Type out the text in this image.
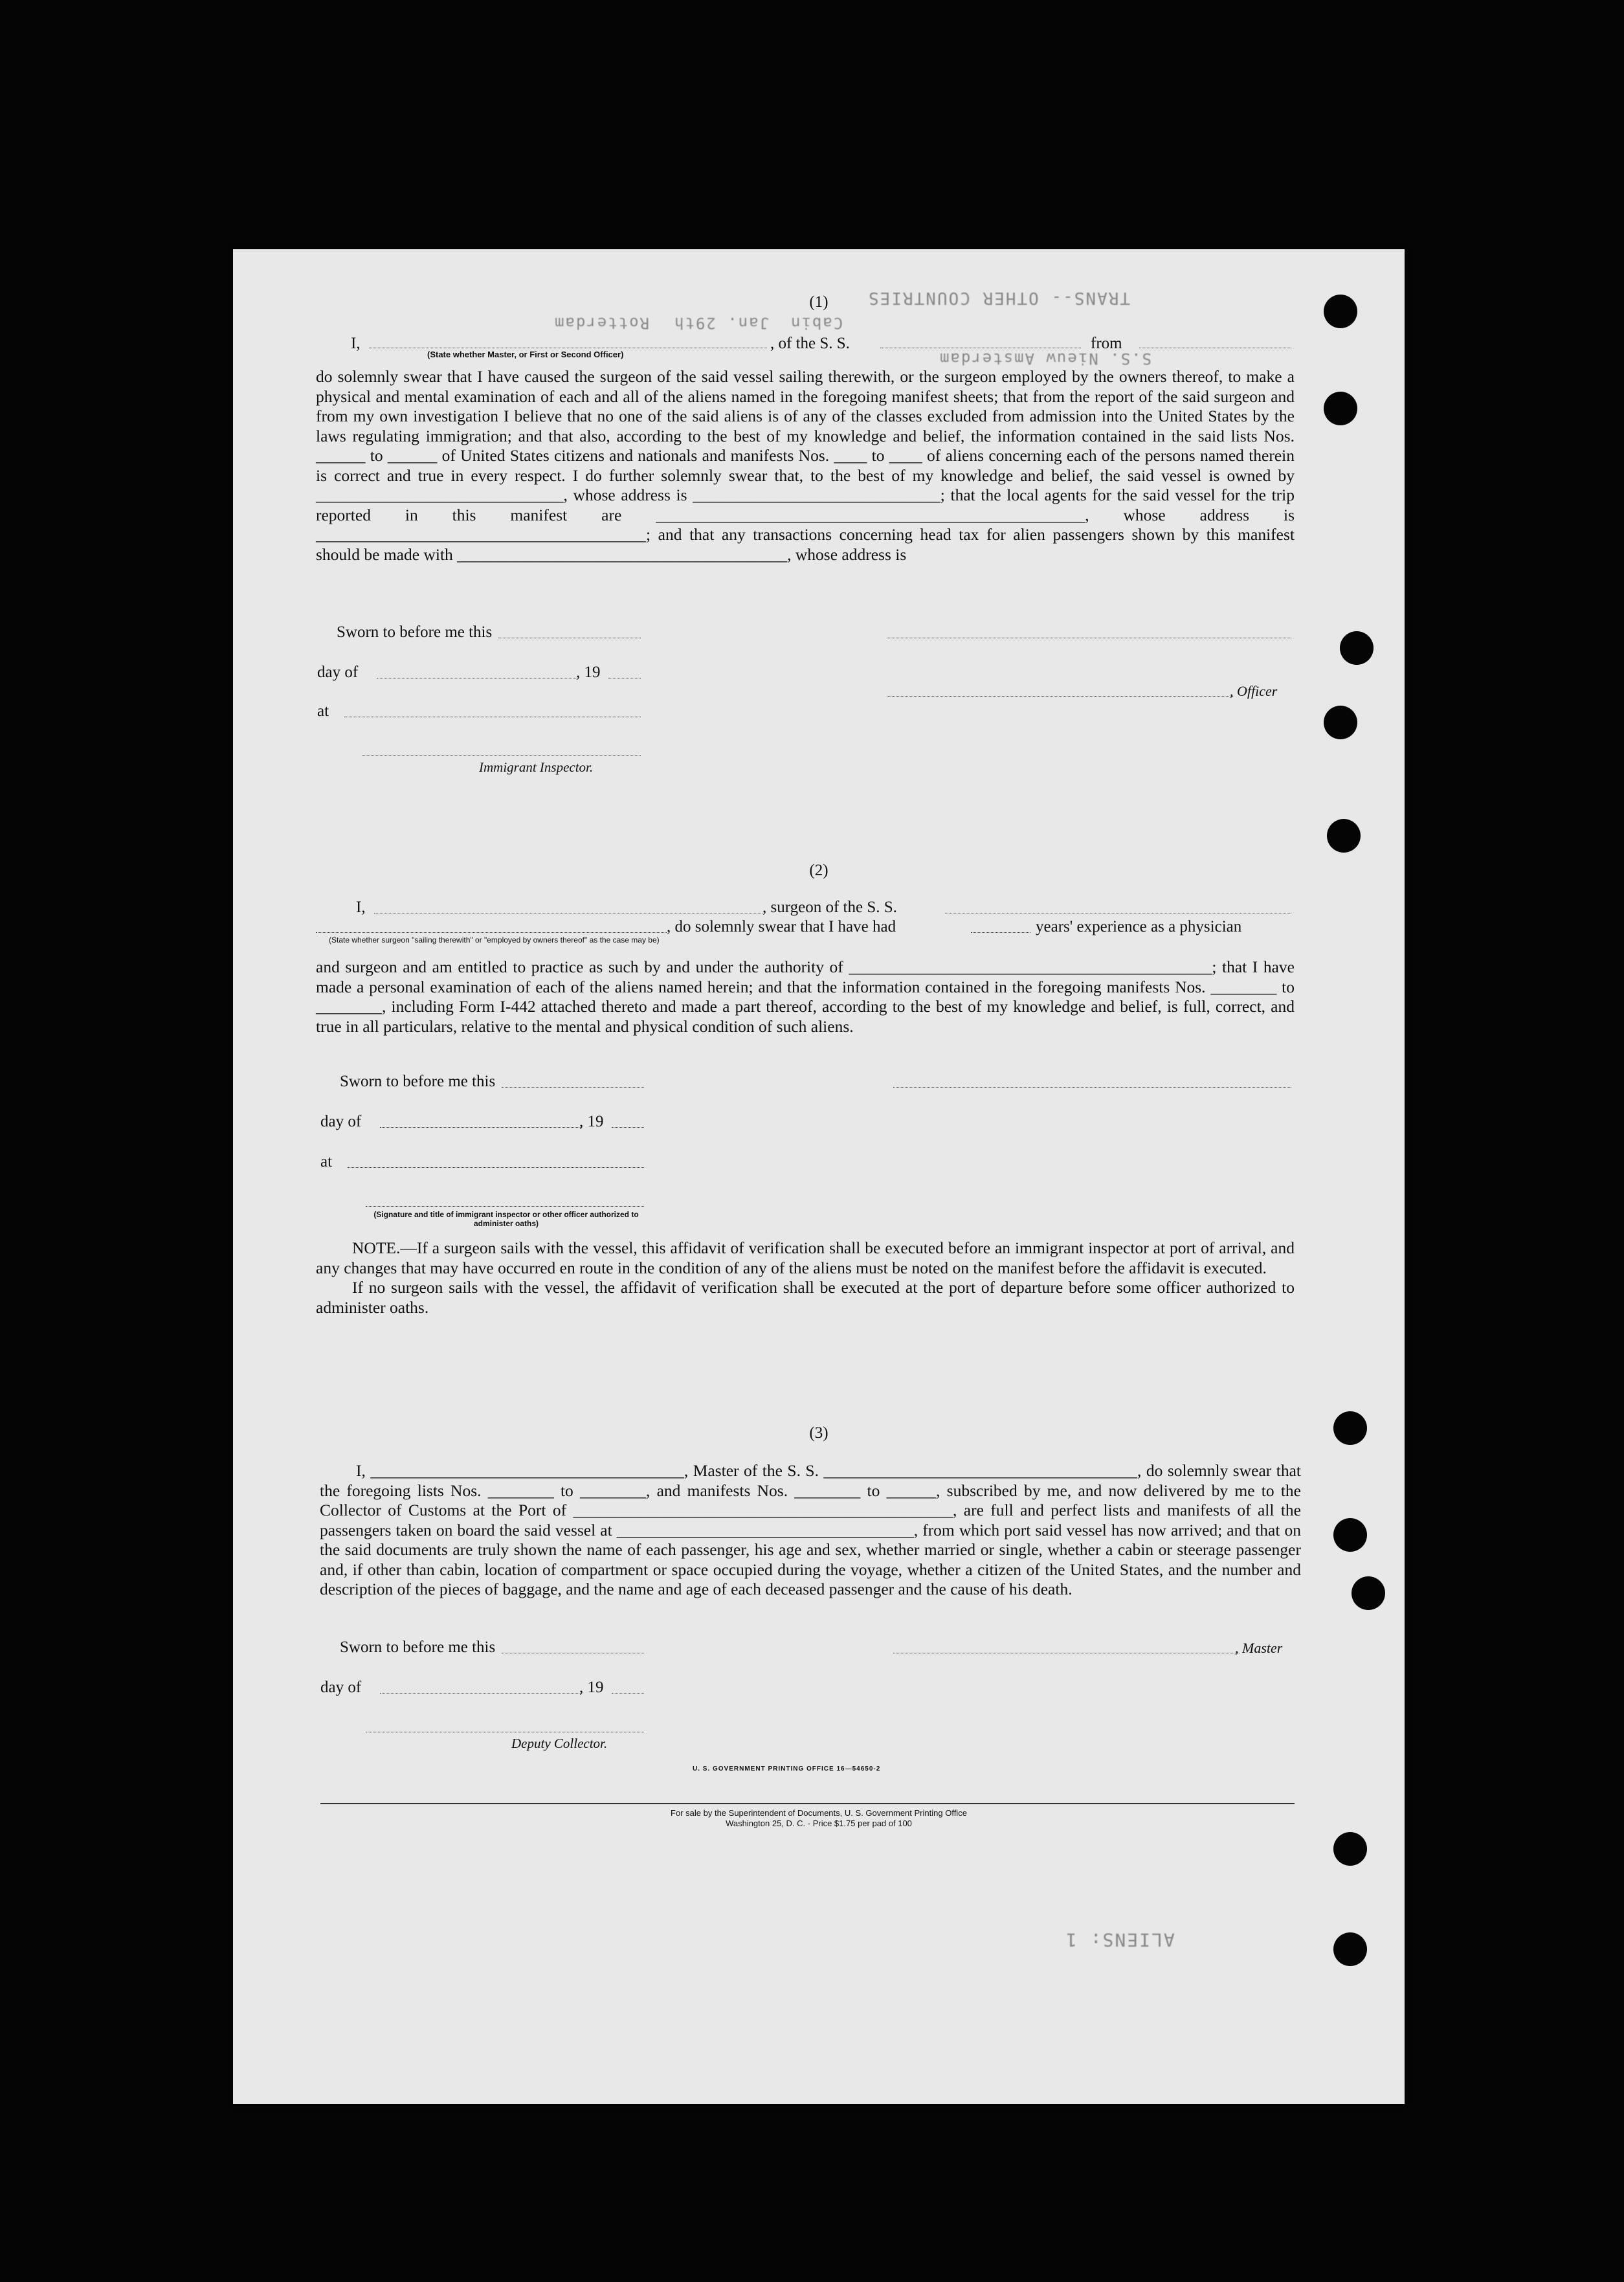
TRANS-- OTHER COUNTRIES
Cabin
Rotterdam Jan. 29th
S.S. Nieuw Amsterdam
ALIENS: 1
(1)
I,	, of the S. S.	from
(State whether Master, or First or Second Officer)

do solemnly swear that I have caused the surgeon of the said vessel sailing therewith, or the surgeon employed by the owners thereof, to make a physical and mental examination of each and all of the aliens named in the foregoing manifest sheets; that from the report of the said surgeon and from my own investigation I believe that no one of the said aliens is of any of the classes excluded from admission into the United States by the laws regulating immigration; and that also, according to the best of my knowledge and belief, the information contained in the said lists Nos. ______ to ______ of United States citizens and nationals and manifests Nos. ____ to ____ of aliens concerning each of the persons named therein is correct and true in every respect. I do further solemnly swear that, to the best of my knowledge and belief, the said vessel is owned by ______________________________, whose address is ______________________________; that the local agents for the said vessel for the trip reported in this manifest are ____________________________________________________, whose address is ________________________________________; and that any transactions concerning head tax for alien passengers shown by this manifest should be made with ________________________________________, whose address is

Sworn to before me this
day of	, 19
, Officer
at
Immigrant Inspector.
(2)
I,	, surgeon of the S. S.
, do solemnly swear that I have had	years' experience as a physician
(State whether surgeon "sailing therewith" or "employed by owners thereof" as the case may be)

and surgeon and am entitled to practice as such by and under the authority of ____________________________________________; that I have made a personal examination of each of the aliens named herein; and that the information contained in the foregoing manifests Nos. ________ to ________, including Form I-442 attached thereto and made a part thereof, according to the best of my knowledge and belief, is full, correct, and true in all particulars, relative to the mental and physical condition of such aliens.

Sworn to before me this
day of	, 19
at
(Signature and title of immigrant inspector or other officer authorized to administer oaths)

NOTE.—If a surgeon sails with the vessel, this affidavit of verification shall be executed before an immigrant inspector at port of arrival, and any changes that may have occurred en route in the condition of any of the aliens must be noted on the manifest before the affidavit is executed.

If no surgeon sails with the vessel, the affidavit of verification shall be executed at the port of departure before some officer authorized to administer oaths.

(3)

I, ______________________________________, Master of the S. S. ______________________________________, do solemnly swear that the foregoing lists Nos. ________ to ________, and manifests Nos. ________ to ______, subscribed by me, and now delivered by me to the Collector of Customs at the Port of ______________________________________________, are full and perfect lists and manifests of all the passengers taken on board the said vessel at ____________________________________, from which port said vessel has now arrived; and that on the said documents are truly shown the name of each passenger, his age and sex, whether married or single, whether a cabin or steerage passenger and, if other than cabin, location of compartment or space occupied during the voyage, whether a citizen of the United States, and the number and description of the pieces of baggage, and the name and age of each deceased passenger and the cause of his death.

Sworn to before me this	, Master
day of	, 19
Deputy Collector.
U. S. GOVERNMENT PRINTING OFFICE 16—54650-2
For sale by the Superintendent of Documents, U. S. Government Printing Office
Washington 25, D. C. - Price $1.75 per pad of 100
